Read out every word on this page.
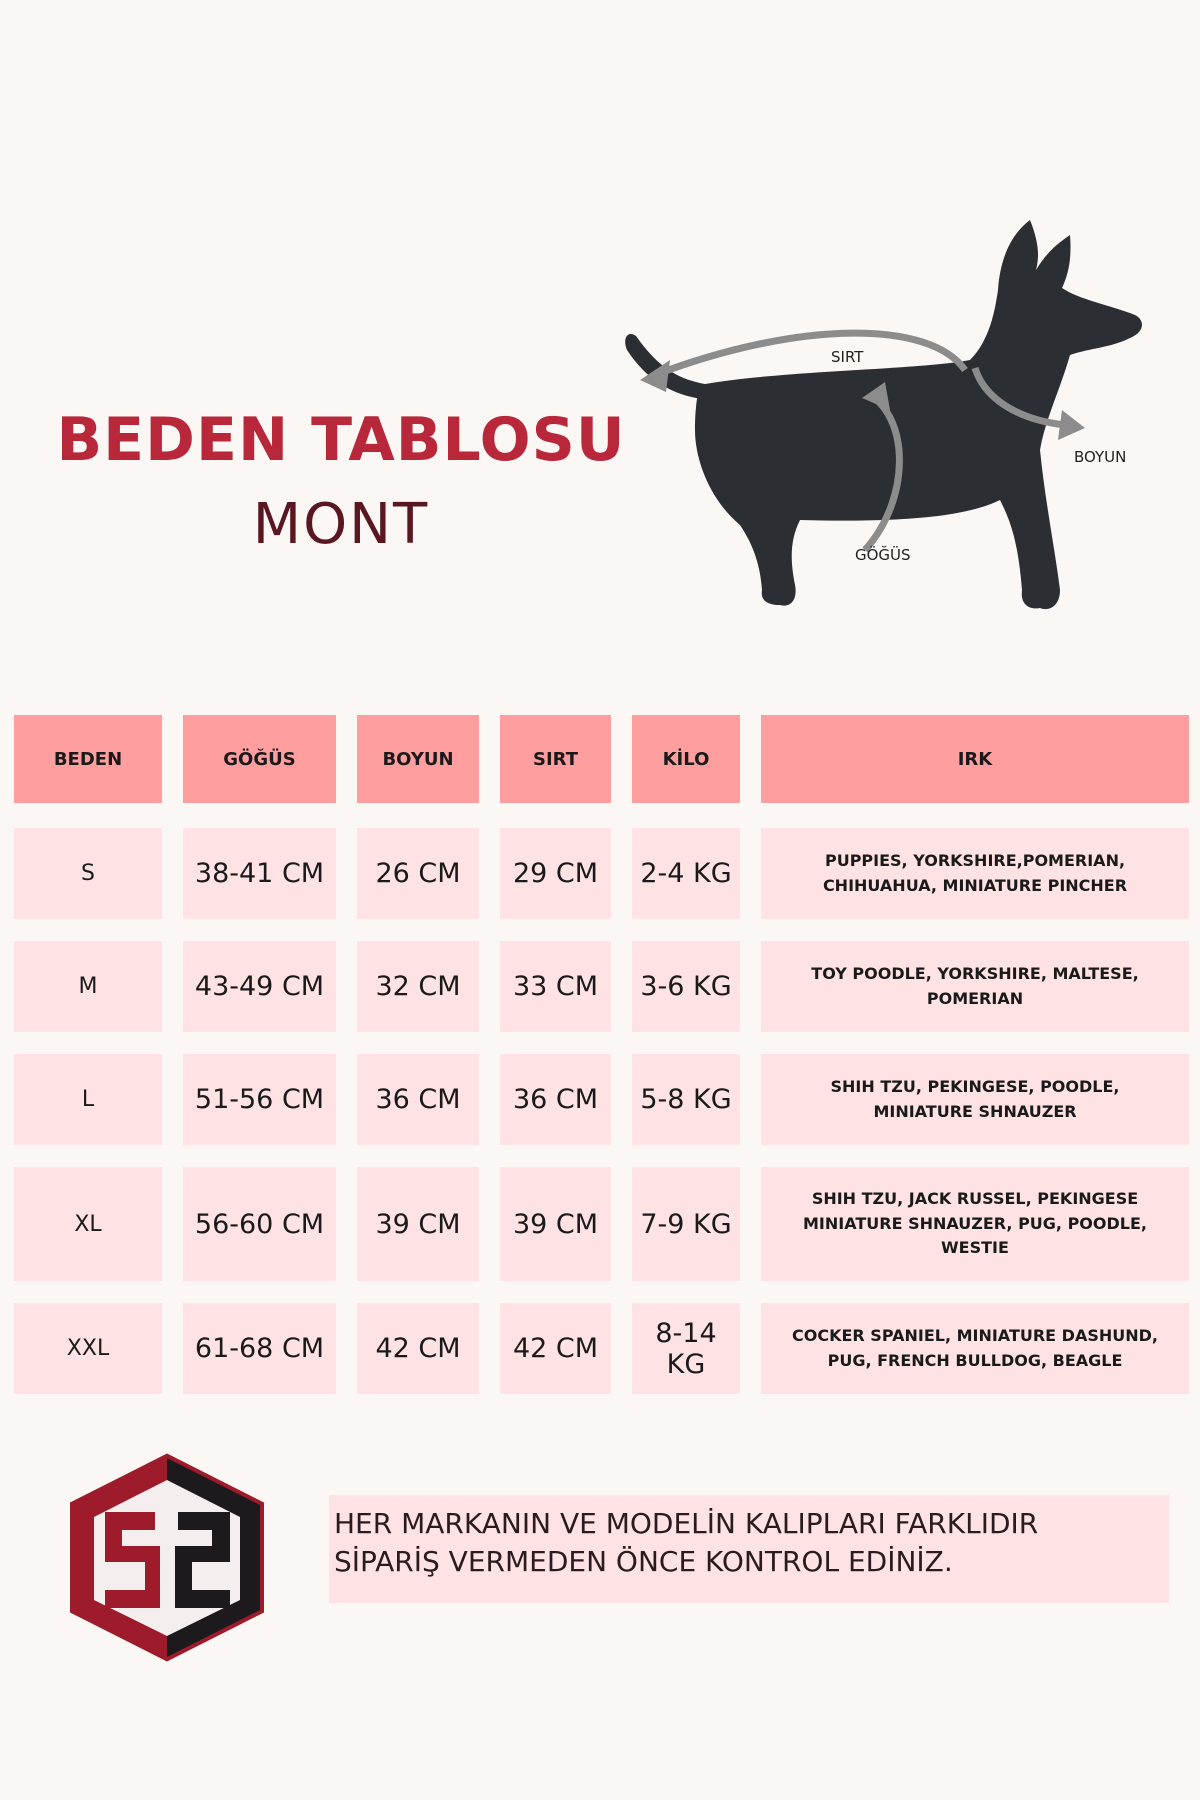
BEDEN TABLOSU
MONT
SIRT
BOYUN
GÖĞÜS
BEDEN	GÖĞÜS	BOYUN	SIRT	KİLO	IRK
S	38-41 CM	26 CM	29 CM	2-4 KG	PUPPIES, YORKSHIRE,POMERIAN,
CHIHUAHUA, MINIATURE PINCHER
M	43-49 CM	32 CM	33 CM	3-6 KG	TOY POODLE, YORKSHIRE, MALTESE,
POMERIAN
L	51-56 CM	36 CM	36 CM	5-8 KG	SHIH TZU, PEKINGESE, POODLE,
MINIATURE SHNAUZER
XL	56-60 CM	39 CM	39 CM	7-9 KG
SHIH TZU, JACK RUSSEL, PEKINGESE
MINIATURE SHNAUZER, PUG, POODLE,
WESTIE
XXL	61-68 CM	42 CM	42 CM	8-14 KG
COCKER SPANIEL, MINIATURE DASHUND,
PUG, FRENCH BULLDOG, BEAGLE
HER MARKANIN VE MODELİN KALIPLARI FARKLIDIR
SİPARİŞ VERMEDEN ÖNCE KONTROL EDİNİZ.
